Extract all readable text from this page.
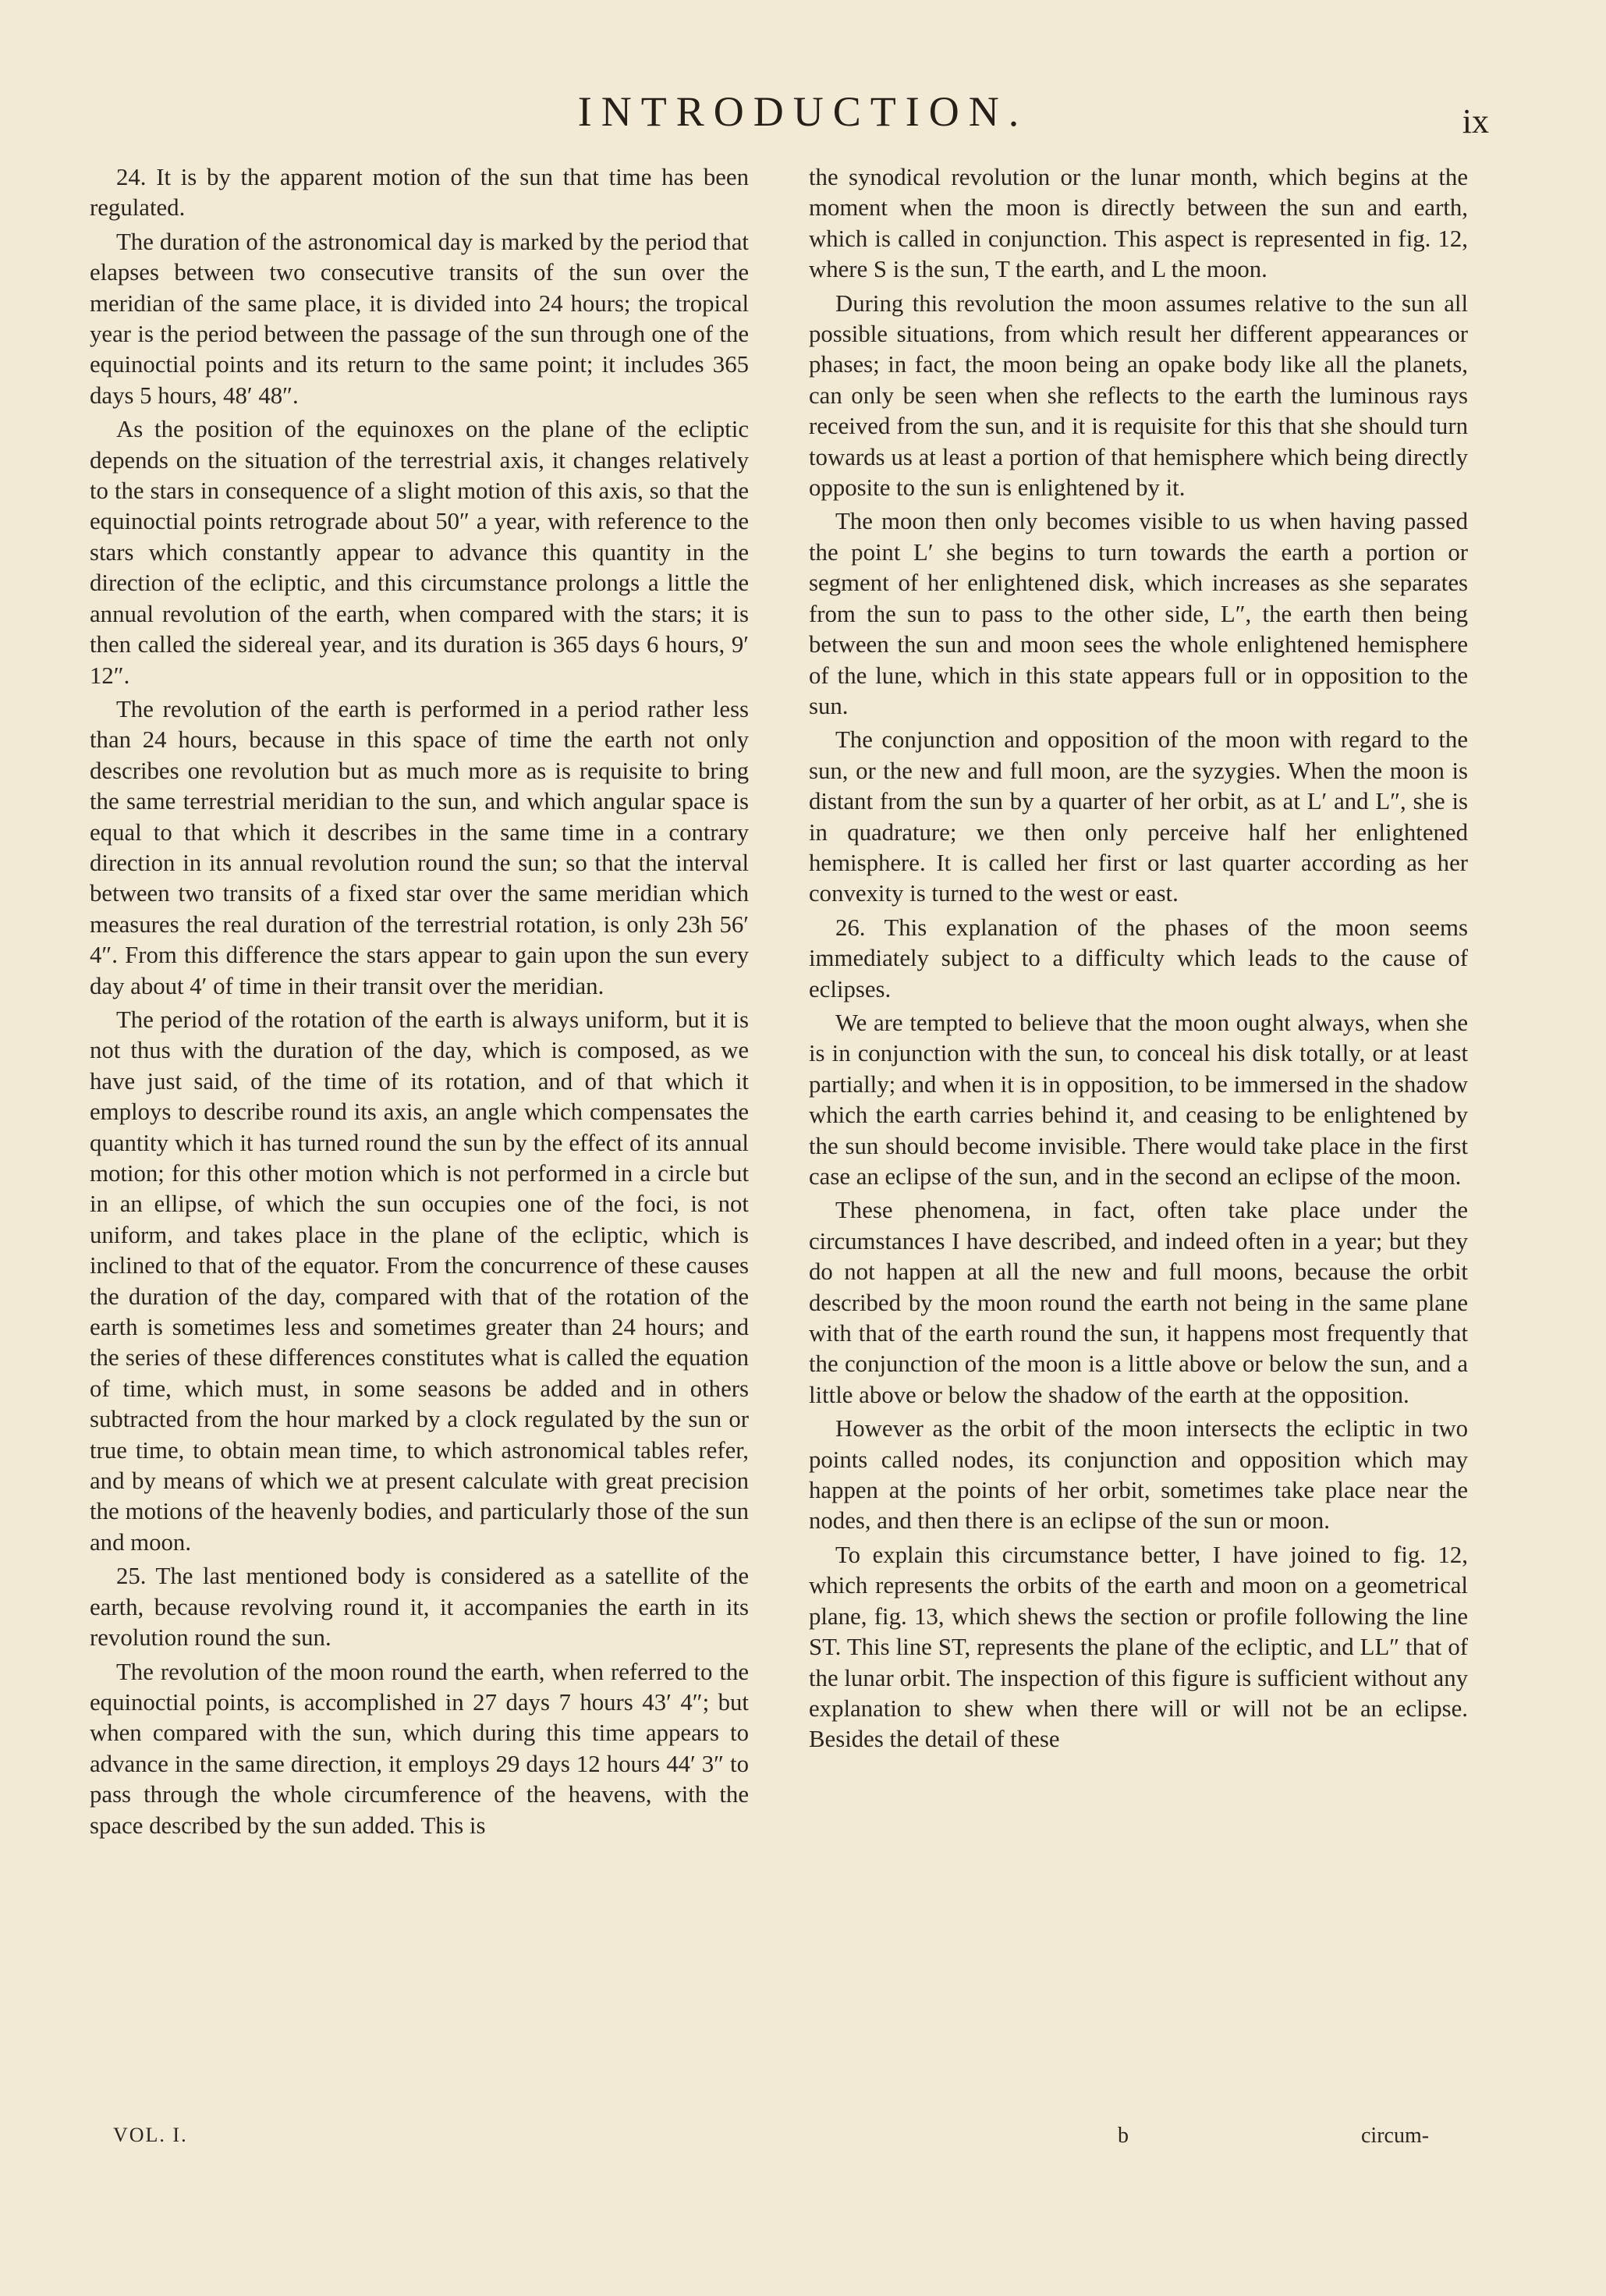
INTRODUCTION.	ix

24. It is by the apparent motion of the sun that time has been regulated.

The duration of the astronomical day is marked by the period that elapses between two consecutive transits of the sun over the meridian of the same place, it is divided into 24 hours; the tropical year is the period between the passage of the sun through one of the equinoctial points and its return to the same point; it includes 365 days 5 hours, 48′ 48″.

As the position of the equinoxes on the plane of the ecliptic depends on the situation of the terrestrial axis, it changes relatively to the stars in consequence of a slight motion of this axis, so that the equinoctial points retrograde about 50″ a year, with reference to the stars which constantly appear to advance this quantity in the direction of the ecliptic, and this circumstance prolongs a little the annual revolution of the earth, when compared with the stars; it is then called the sidereal year, and its duration is 365 days 6 hours, 9′ 12″.

The revolution of the earth is performed in a period rather less than 24 hours, because in this space of time the earth not only describes one revolution but as much more as is requisite to bring the same terrestrial meridian to the sun, and which angular space is equal to that which it describes in the same time in a contrary direction in its annual revolution round the sun; so that the interval between two transits of a fixed star over the same meridian which measures the real duration of the terrestrial rotation, is only 23h 56′ 4″. From this difference the stars appear to gain upon the sun every day about 4′ of time in their transit over the meridian.

The period of the rotation of the earth is always uniform, but it is not thus with the duration of the day, which is composed, as we have just said, of the time of its rotation, and of that which it employs to describe round its axis, an angle which compensates the quantity which it has turned round the sun by the effect of its annual motion; for this other motion which is not performed in a circle but in an ellipse, of which the sun occupies one of the foci, is not uniform, and takes place in the plane of the ecliptic, which is inclined to that of the equator. From the concurrence of these causes the duration of the day, compared with that of the rotation of the earth is sometimes less and sometimes greater than 24 hours; and the series of these differences constitutes what is called the equation of time, which must, in some seasons be added and in others subtracted from the hour marked by a clock regulated by the sun or true time, to obtain mean time, to which astronomical tables refer, and by means of which we at present calculate with great precision the motions of the heavenly bodies, and particularly those of the sun and moon.

25. The last mentioned body is considered as a satellite of the earth, because revolving round it, it accompanies the earth in its revolution round the sun.

The revolution of the moon round the earth, when referred to the equinoctial points, is accomplished in 27 days 7 hours 43′ 4″; but when compared with the sun, which during this time appears to advance in the same direction, it employs 29 days 12 hours 44′ 3″ to pass through the whole circumference of the heavens, with the space described by the sun added. This is

the synodical revolution or the lunar month, which begins at the moment when the moon is directly between the sun and earth, which is called in conjunction. This aspect is represented in fig. 12, where S is the sun, T the earth, and L the moon.

During this revolution the moon assumes relative to the sun all possible situations, from which result her different appearances or phases; in fact, the moon being an opake body like all the planets, can only be seen when she reflects to the earth the luminous rays received from the sun, and it is requisite for this that she should turn towards us at least a portion of that hemisphere which being directly opposite to the sun is enlightened by it.

The moon then only becomes visible to us when having passed the point L′ she begins to turn towards the earth a portion or segment of her enlightened disk, which increases as she separates from the sun to pass to the other side, L″, the earth then being between the sun and moon sees the whole enlightened hemisphere of the lune, which in this state appears full or in opposition to the sun.

The conjunction and opposition of the moon with regard to the sun, or the new and full moon, are the syzygies. When the moon is distant from the sun by a quarter of her orbit, as at L′ and L″, she is in quadrature; we then only perceive half her enlightened hemisphere. It is called her first or last quarter according as her convexity is turned to the west or east.

26. This explanation of the phases of the moon seems immediately subject to a difficulty which leads to the cause of eclipses.

We are tempted to believe that the moon ought always, when she is in conjunction with the sun, to conceal his disk totally, or at least partially; and when it is in opposition, to be immersed in the shadow which the earth carries behind it, and ceasing to be enlightened by the sun should become invisible. There would take place in the first case an eclipse of the sun, and in the second an eclipse of the moon.

These phenomena, in fact, often take place under the circumstances I have described, and indeed often in a year; but they do not happen at all the new and full moons, because the orbit described by the moon round the earth not being in the same plane with that of the earth round the sun, it happens most frequently that the conjunction of the moon is a little above or below the sun, and a little above or below the shadow of the earth at the opposition.

However as the orbit of the moon intersects the ecliptic in two points called nodes, its conjunction and opposition which may happen at the points of her orbit, sometimes take place near the nodes, and then there is an eclipse of the sun or moon.

To explain this circumstance better, I have joined to fig. 12, which represents the orbits of the earth and moon on a geometrical plane, fig. 13, which shews the section or profile following the line ST. This line ST, represents the plane of the ecliptic, and LL″ that of the lunar orbit. The inspection of this figure is sufficient without any explanation to shew when there will or will not be an eclipse. Besides the detail of these

VOL. I.	b	circum-
